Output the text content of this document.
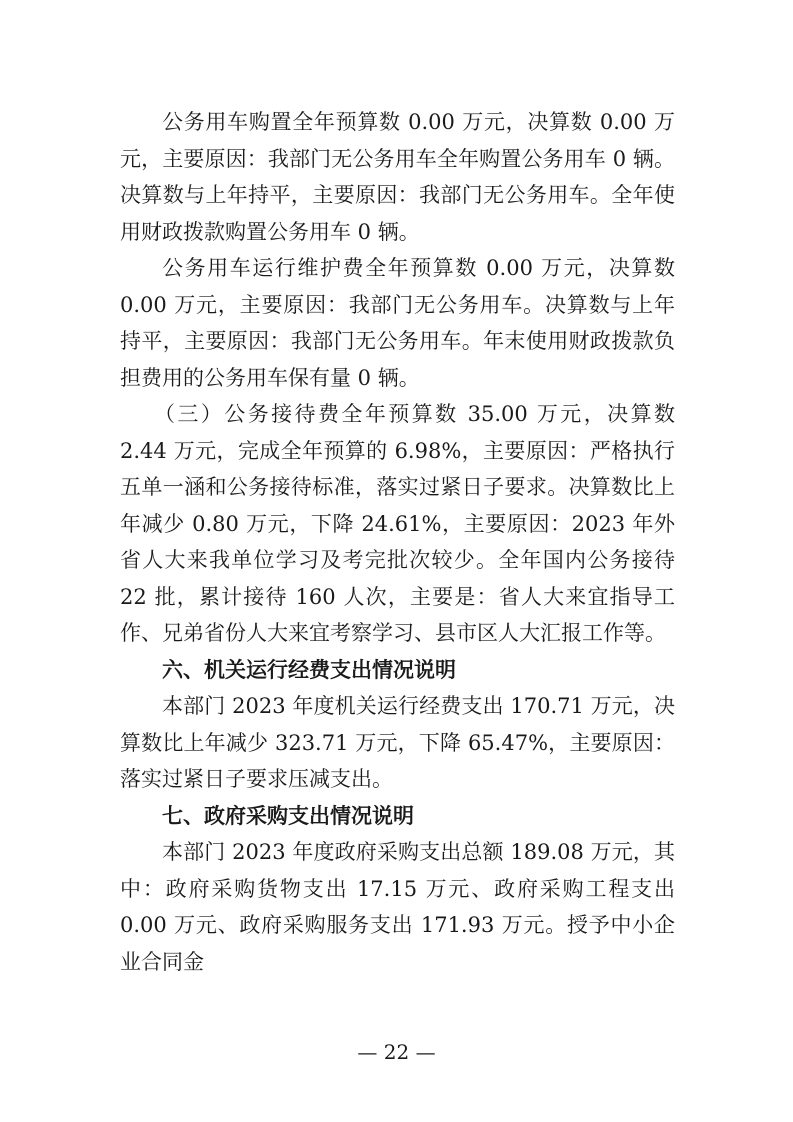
公务用车购置全年预算数 0.00 万元，决算数 0.00 万元，主要原因：我部门无公务用车全年购置公务用车 0 辆。决算数与上年持平，主要原因：我部门无公务用车。全年使用财政拨款购置公务用车 0 辆。

公务用车运行维护费全年预算数 0.00 万元，决算数 0.00 万元，主要原因：我部门无公务用车。决算数与上年持平，主要原因：我部门无公务用车。年末使用财政拨款负担费用的公务用车保有量 0 辆。

（三）公务接待费全年预算数 35.00 万元，决算数 2.44 万元，完成全年预算的 6.98%，主要原因：严格执行五单一涵和公务接待标准，落实过紧日子要求。决算数比上年减少 0.80 万元，下降 24.61%，主要原因：2023 年外省人大来我单位学习及考完批次较少。全年国内公务接待 22 批，累计接待 160 人次，主要是：省人大来宜指导工作、兄弟省份人大来宜考察学习、县市区人大汇报工作等。

六、机关运行经费支出情况说明

本部门 2023 年度机关运行经费支出 170.71 万元，决算数比上年减少 323.71 万元，下降 65.47%，主要原因：落实过紧日子要求压减支出。

七、政府采购支出情况说明

本部门 2023 年度政府采购支出总额 189.08 万元，其中：政府采购货物支出 17.15 万元、政府采购工程支出 0.00 万元、政府采购服务支出 171.93 万元。授予中小企业合同金

— 22 —
